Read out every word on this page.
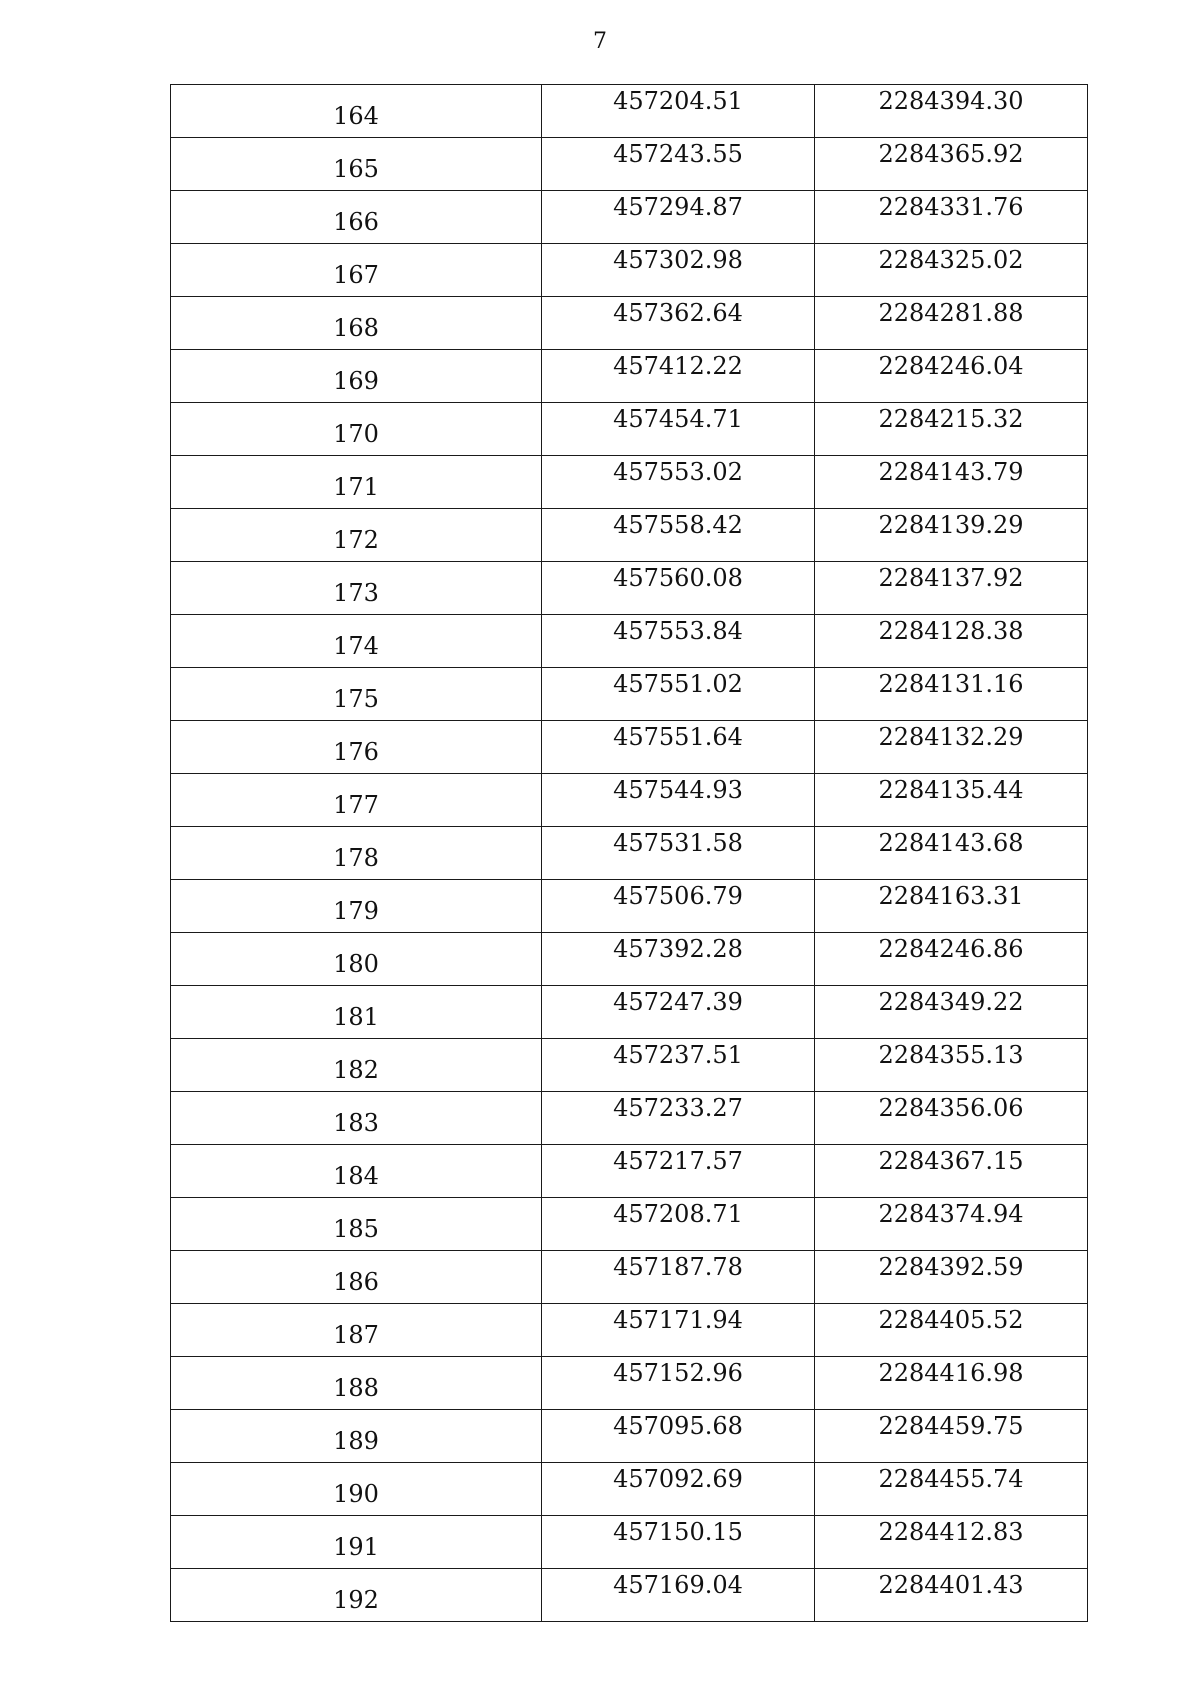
7
164	457204.51	2284394.30
165	457243.55	2284365.92
166	457294.87	2284331.76
167	457302.98	2284325.02
168	457362.64	2284281.88
169	457412.22	2284246.04
170	457454.71	2284215.32
171	457553.02	2284143.79
172	457558.42	2284139.29
173	457560.08	2284137.92
174	457553.84	2284128.38
175	457551.02	2284131.16
176	457551.64	2284132.29
177	457544.93	2284135.44
178	457531.58	2284143.68
179	457506.79	2284163.31
180	457392.28	2284246.86
181	457247.39	2284349.22
182	457237.51	2284355.13
183	457233.27	2284356.06
184	457217.57	2284367.15
185	457208.71	2284374.94
186	457187.78	2284392.59
187	457171.94	2284405.52
188	457152.96	2284416.98
189	457095.68	2284459.75
190	457092.69	2284455.74
191	457150.15	2284412.83
192	457169.04	2284401.43
